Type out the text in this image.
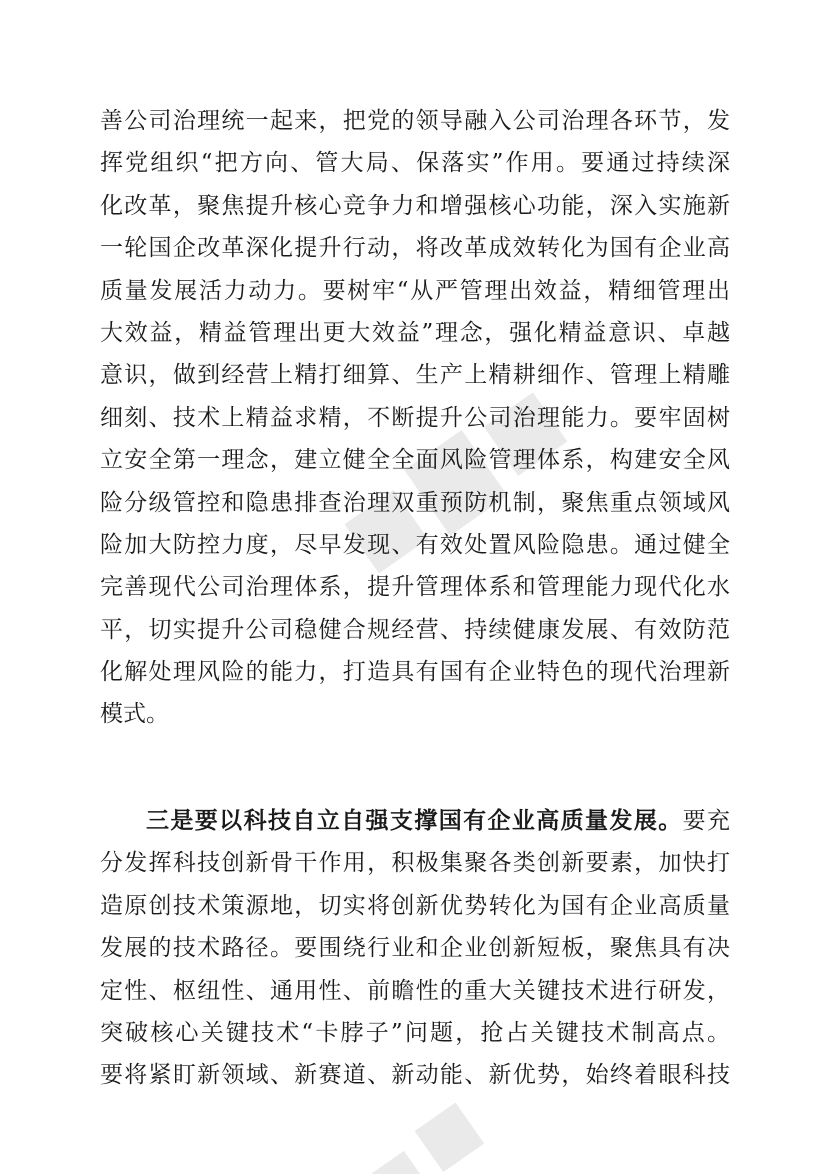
善公司治理统一起来，把党的领导融入公司治理各环节，发
挥党组织“把方向、管大局、保落实”作用。要通过持续深
化改革，聚焦提升核心竞争力和增强核心功能，深入实施新
一轮国企改革深化提升行动，将改革成效转化为国有企业高
质量发展活力动力。要树牢“从严管理出效益，精细管理出
大效益，精益管理出更大效益”理念，强化精益意识、卓越
意识，做到经营上精打细算、生产上精耕细作、管理上精雕
细刻、技术上精益求精，不断提升公司治理能力。要牢固树
立安全第一理念，建立健全全面风险管理体系，构建安全风
险分级管控和隐患排查治理双重预防机制，聚焦重点领域风
险加大防控力度，尽早发现、有效处置风险隐患。通过健全
完善现代公司治理体系，提升管理体系和管理能力现代化水
平，切实提升公司稳健合规经营、持续健康发展、有效防范
化解处理风险的能力，打造具有国有企业特色的现代治理新
模式。
三是要以科技自立自强支撑国有企业高质量发展。要充
分发挥科技创新骨干作用，积极集聚各类创新要素，加快打
造原创技术策源地，切实将创新优势转化为国有企业高质量
发展的技术路径。要围绕行业和企业创新短板，聚焦具有决
定性、枢纽性、通用性、前瞻性的重大关键技术进行研发，
突破核心关键技术“卡脖子”问题，抢占关键技术制高点。
要将紧盯新领域、新赛道、新动能、新优势，始终着眼科技
